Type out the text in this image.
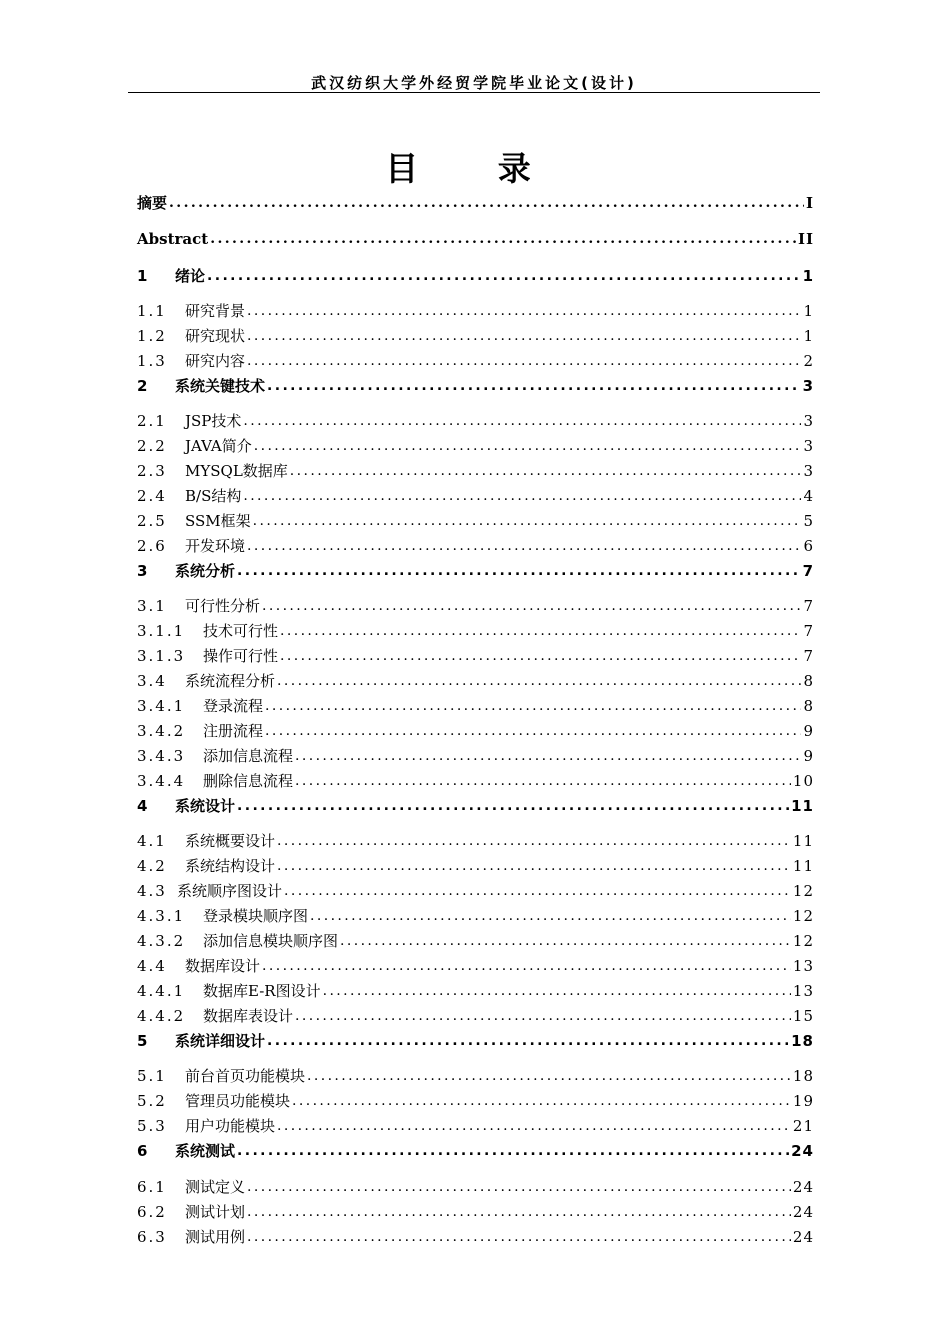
武汉纺织大学外经贸学院毕业论文(设计)
目 录
摘要 .....	I
Abstract .....	II
1	绪论 .....	1
1.1	研究背景 .....	1
1.2	研究现状 .....	1
1.3	研究内容 .....	2
2	系统关键技术 .....	3
2.1	JSP技术 .....	3
2.2	JAVA简介 .....	3
2.3	MYSQL数据库 .....	3
2.4	B/S结构 .....	4
2.5	SSM框架 .....	5
2.6	开发环境 .....	6
3	系统分析 .....	7
3.1	可行性分析 .....	7
3.1.1	技术可行性 .....	7
3.1.3	操作可行性 .....	7
3.4	系统流程分析 .....	8
3.4.1	登录流程 .....	8
3.4.2	注册流程 .....	9
3.4.3	添加信息流程 .....	9
3.4.4	删除信息流程 .....	10
4	系统设计 .....	11
4.1	系统概要设计 .....	11
4.2	系统结构设计 .....	11
4.3 系统顺序图设计 .....	12
4.3.1	登录模块顺序图 .....	12
4.3.2	添加信息模块顺序图 .....	12
4.4	数据库设计 .....	13
4.4.1	数据库E-R图设计 .....	13
4.4.2	数据库表设计 .....	15
5	系统详细设计 .....	18
5.1	前台首页功能模块 .....	18
5.2	管理员功能模块 .....	19
5.3	用户功能模块 .....	21
6	系统测试 .....	24
6.1	测试定义 .....	24
6.2	测试计划 .....	24
6.3	测试用例 .....	24
